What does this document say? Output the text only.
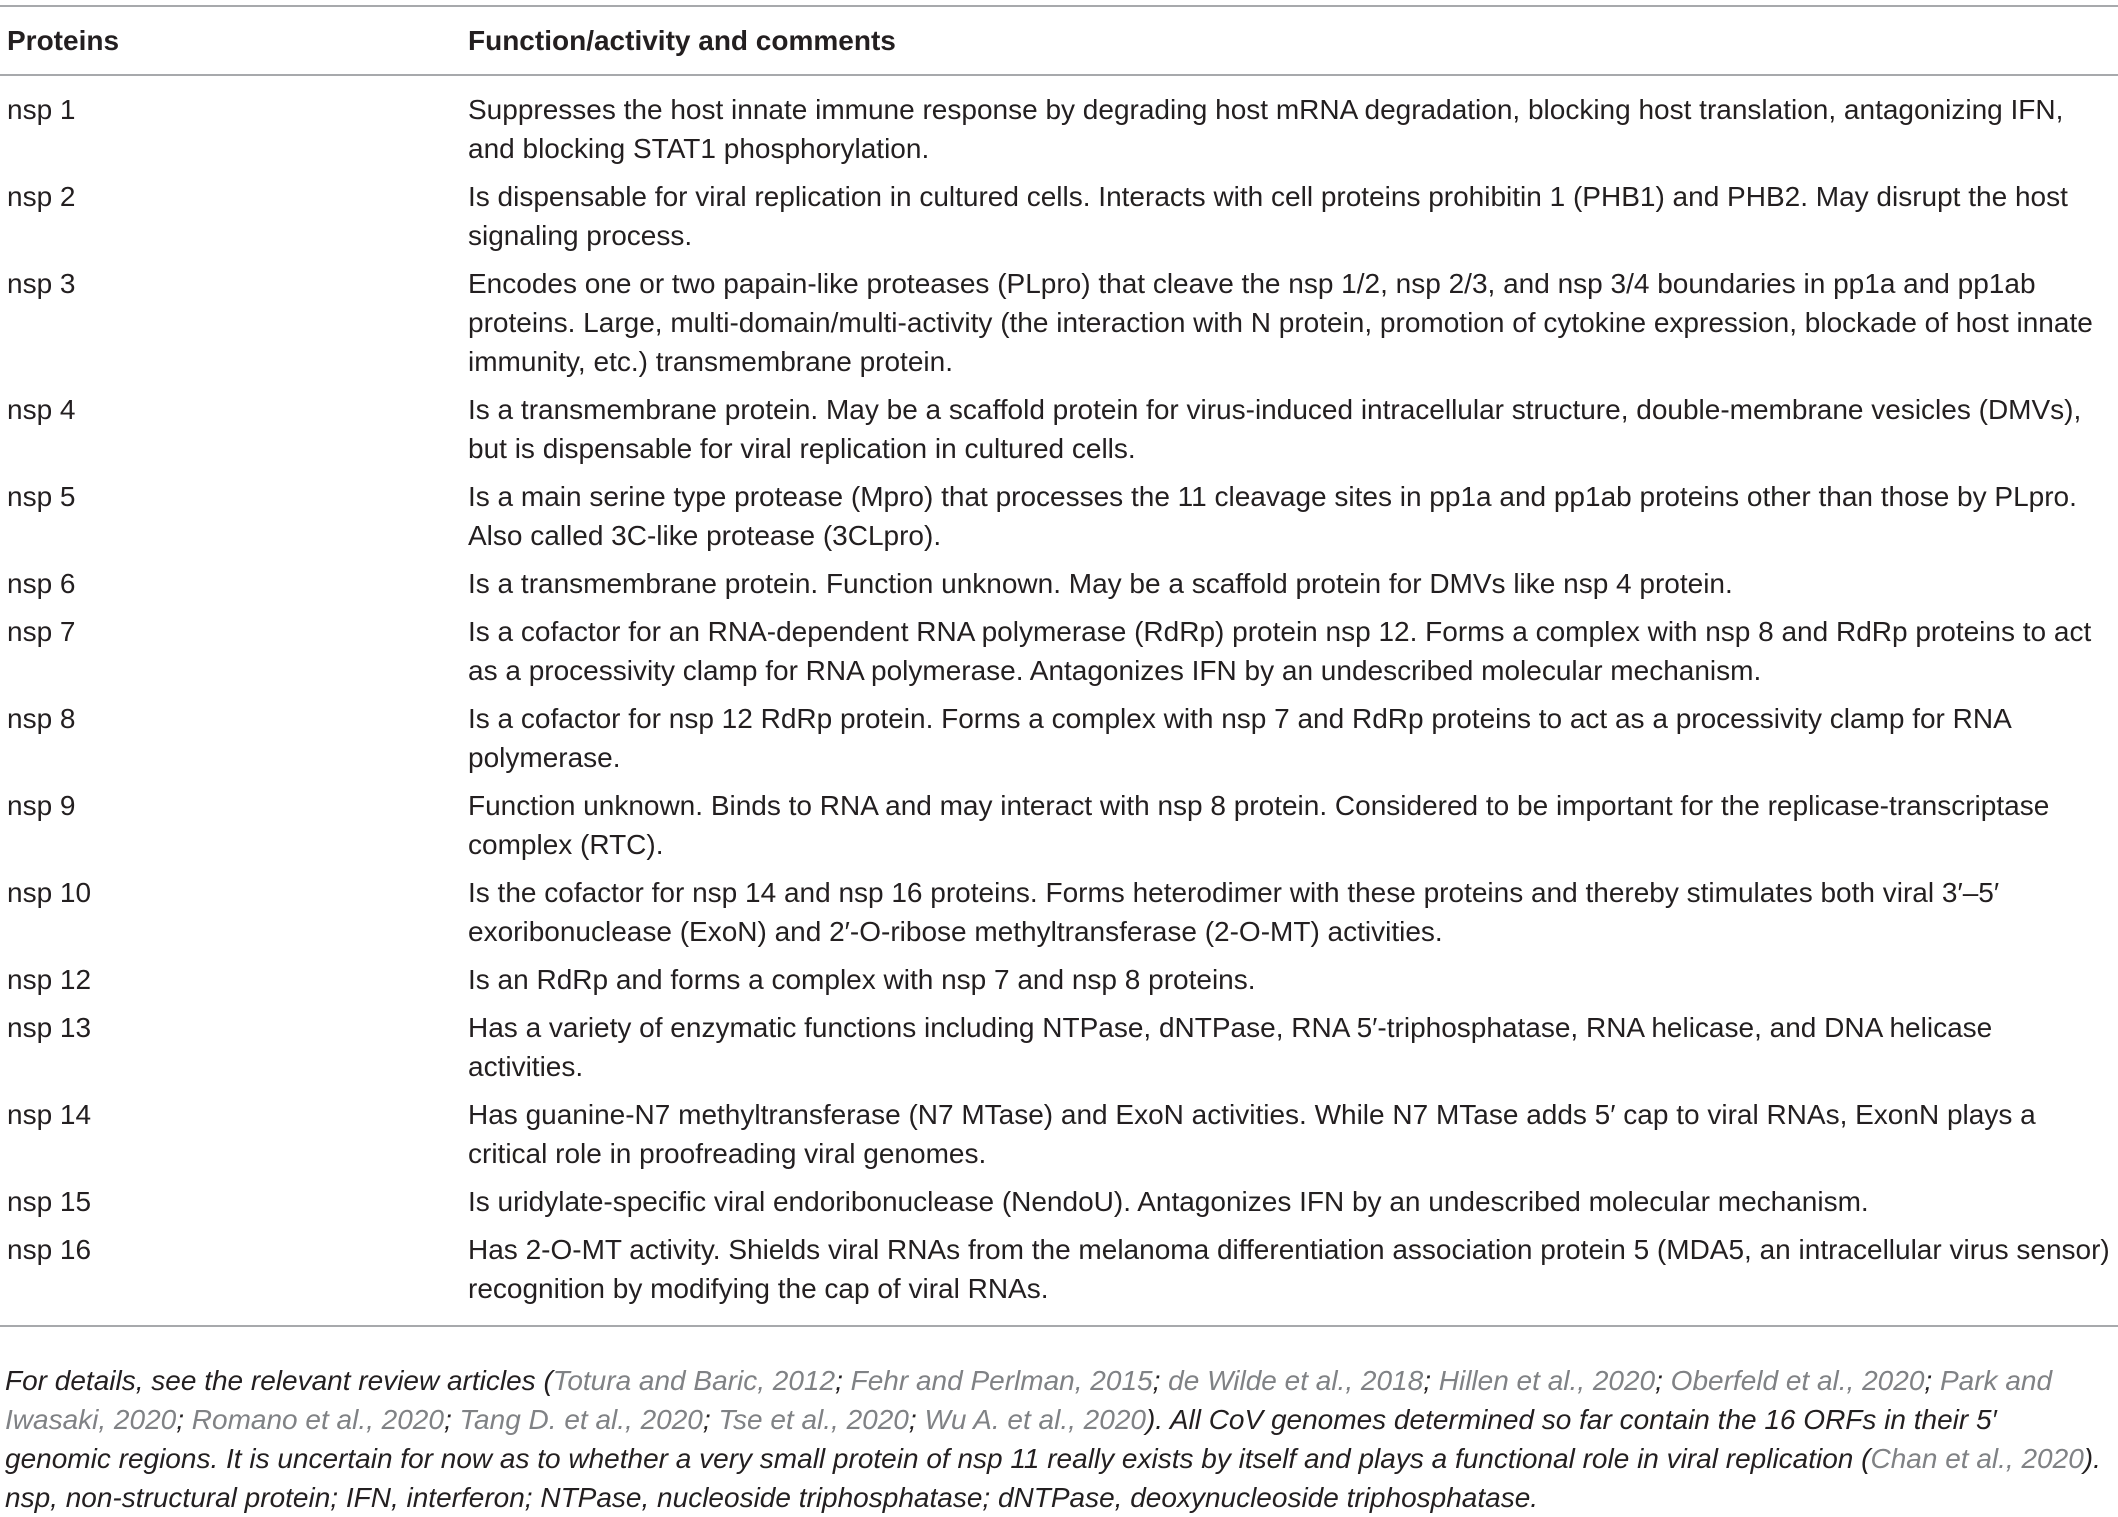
Proteins	Function/activity and comments
nsp 1	Suppresses the host innate immune response by degrading host mRNA degradation, blocking host translation, antagonizing IFN, and blocking STAT1 phosphorylation.
nsp 2	Is dispensable for viral replication in cultured cells. Interacts with cell proteins prohibitin 1 (PHB1) and PHB2. May disrupt the host signaling process.
nsp 3	Encodes one or two papain-like proteases (PLpro) that cleave the nsp 1/2, nsp 2/3, and nsp 3/4 boundaries in pp1a and pp1ab proteins. Large, multi-domain/multi-activity (the interaction with N protein, promotion of cytokine expression, blockade of host innate immunity, etc.) transmembrane protein.
nsp 4	Is a transmembrane protein. May be a scaffold protein for virus-induced intracellular structure, double-membrane vesicles (DMVs), but is dispensable for viral replication in cultured cells.
nsp 5	Is a main serine type protease (Mpro) that processes the 11 cleavage sites in pp1a and pp1ab proteins other than those by PLpro. Also called 3C-like protease (3CLpro).
nsp 6	Is a transmembrane protein. Function unknown. May be a scaffold protein for DMVs like nsp 4 protein.
nsp 7	Is a cofactor for an RNA-dependent RNA polymerase (RdRp) protein nsp 12. Forms a complex with nsp 8 and RdRp proteins to act as a processivity clamp for RNA polymerase. Antagonizes IFN by an undescribed molecular mechanism.
nsp 8	Is a cofactor for nsp 12 RdRp protein. Forms a complex with nsp 7 and RdRp proteins to act as a processivity clamp for RNA polymerase.
nsp 9	Function unknown. Binds to RNA and may interact with nsp 8 protein. Considered to be important for the replicase-transcriptase complex (RTC).
nsp 10	Is the cofactor for nsp 14 and nsp 16 proteins. Forms heterodimer with these proteins and thereby stimulates both viral 3′–5′ exoribonuclease (ExoN) and 2′-O-ribose methyltransferase (2-O-MT) activities.
nsp 12	Is an RdRp and forms a complex with nsp 7 and nsp 8 proteins.
nsp 13	Has a variety of enzymatic functions including NTPase, dNTPase, RNA 5′-triphosphatase, RNA helicase, and DNA helicase activities.
nsp 14	Has guanine-N7 methyltransferase (N7 MTase) and ExoN activities. While N7 MTase adds 5′ cap to viral RNAs, ExonN plays a critical role in proofreading viral genomes.
nsp 15	Is uridylate-specific viral endoribonuclease (NendoU). Antagonizes IFN by an undescribed molecular mechanism.
nsp 16	Has 2-O-MT activity. Shields viral RNAs from the melanoma differentiation association protein 5 (MDA5, an intracellular virus sensor) recognition by modifying the cap of viral RNAs.

For details, see the relevant review articles (Totura and Baric, 2012; Fehr and Perlman, 2015; de Wilde et al., 2018; Hillen et al., 2020; Oberfeld et al., 2020; Park and Iwasaki, 2020; Romano et al., 2020; Tang D. et al., 2020; Tse et al., 2020; Wu A. et al., 2020). All CoV genomes determined so far contain the 16 ORFs in their 5′ genomic regions. It is uncertain for now as to whether a very small protein of nsp 11 really exists by itself and plays a functional role in viral replication (Chan et al., 2020). nsp, non-structural protein; IFN, interferon; NTPase, nucleoside triphosphatase; dNTPase, deoxynucleoside triphosphatase.
